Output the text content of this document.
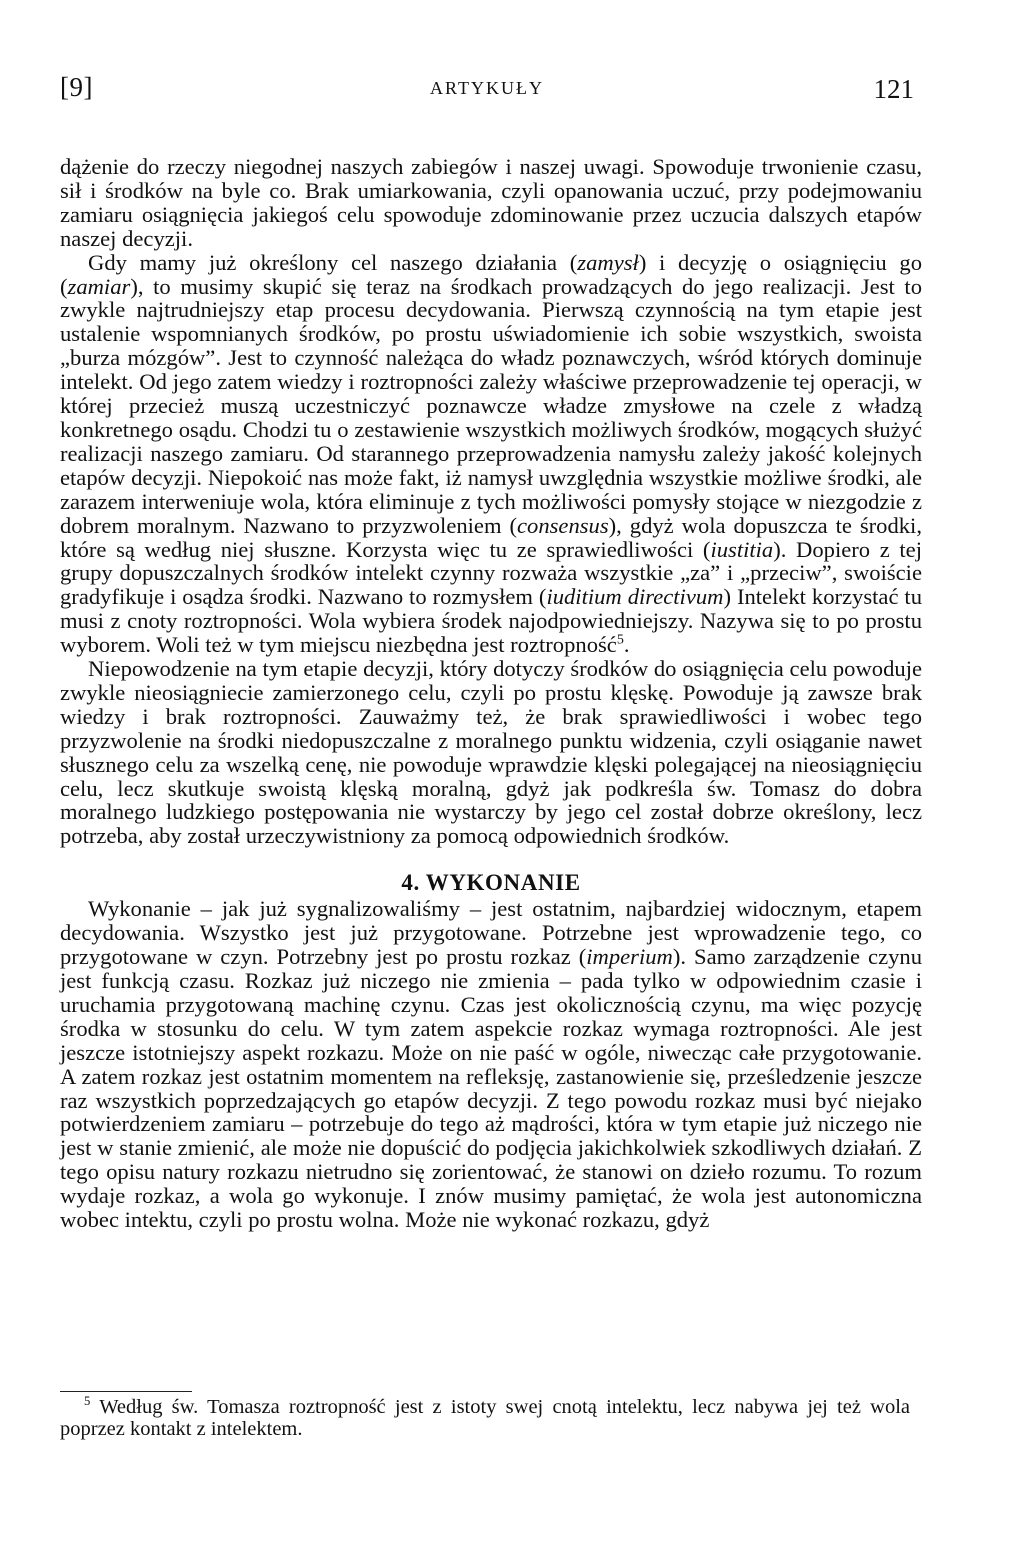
[9]	ARTYKUŁY	121

dążenie do rzeczy niegodnej naszych zabiegów i naszej uwagi. Spowoduje trwonienie czasu, sił i środków na byle co. Brak umiarkowania, czyli opanowania uczuć, przy podejmowaniu zamiaru osiągnięcia jakiegoś celu spowoduje zdominowanie przez uczucia dalszych etapów naszej decyzji.

Gdy mamy już określony cel naszego działania (zamysł) i decyzję o osiągnięciu go (zamiar), to musimy skupić się teraz na środkach prowadzących do jego realizacji. Jest to zwykle najtrudniejszy etap procesu decydowania. Pierwszą czynnością na tym etapie jest ustalenie wspomnianych środków, po prostu uświadomienie ich sobie wszystkich, swoista „burza mózgów”. Jest to czynność należąca do władz poznawczych, wśród których dominuje intelekt. Od jego zatem wiedzy i roztropności zależy właściwe przeprowadzenie tej operacji, w której przecież muszą uczestniczyć poznawcze władze zmysłowe na czele z władzą konkretnego osądu. Chodzi tu o zestawienie wszystkich możliwych środków, mogących służyć realizacji naszego zamiaru. Od starannego przeprowadzenia namysłu zależy jakość kolejnych etapów decyzji. Niepokoić nas może fakt, iż namysł uwzględnia wszystkie możliwe środki, ale zarazem interweniuje wola, która eliminuje z tych możliwości pomysły stojące w niezgodzie z dobrem moralnym. Nazwano to przyzwoleniem (consensus), gdyż wola dopuszcza te środki, które są według niej słuszne. Korzysta więc tu ze sprawiedliwości (iustitia). Dopiero z tej grupy dopuszczalnych środków intelekt czynny rozważa wszystkie „za” i „przeciw”, swoiście gradyfikuje i osądza środki. Nazwano to rozmysłem (iuditium directivum) Intelekt korzystać tu musi z cnoty roztropności. Wola wybiera środek najodpowiedniejszy. Nazywa się to po prostu wyborem. Woli też w tym miejscu niezbędna jest roztropność$^5$.

Niepowodzenie na tym etapie decyzji, który dotyczy środków do osiągnięcia celu powoduje zwykle nieosiągniecie zamierzonego celu, czyli po prostu klęskę. Powoduje ją zawsze brak wiedzy i brak roztropności. Zauważmy też, że brak sprawiedliwości i wobec tego przyzwolenie na środki niedopuszczalne z moralnego punktu widzenia, czyli osiąganie nawet słusznego celu za wszelką cenę, nie powoduje wprawdzie klęski polegającej na nieosiągnięciu celu, lecz skutkuje swoistą klęską moralną, gdyż jak podkreśla św. Tomasz do dobra moralnego ludzkiego postępowania nie wystarczy by jego cel został dobrze określony, lecz potrzeba, aby został urzeczywistniony za pomocą odpowiednich środków.

4. WYKONANIE

Wykonanie – jak już sygnalizowaliśmy – jest ostatnim, najbardziej widocznym, etapem decydowania. Wszystko jest już przygotowane. Potrzebne jest wprowadzenie tego, co przygotowane w czyn. Potrzebny jest po prostu rozkaz (imperium). Samo zarządzenie czynu jest funkcją czasu. Rozkaz już niczego nie zmienia – pada tylko w odpowiednim czasie i uruchamia przygotowaną machinę czynu. Czas jest okolicznością czynu, ma więc pozycję środka w stosunku do celu. W tym zatem aspekcie rozkaz wymaga roztropności. Ale jest jeszcze istotniejszy aspekt rozkazu. Może on nie paść w ogóle, niwecząc całe przygotowanie. A zatem rozkaz jest ostatnim momentem na refleksję, zastanowienie się, prześledzenie jeszcze raz wszystkich poprzedzających go etapów decyzji. Z tego powodu rozkaz musi być niejako potwierdzeniem zamiaru – potrzebuje do tego aż mądrości, która w tym etapie już niczego nie jest w stanie zmienić, ale może nie dopuścić do podjęcia jakichkolwiek szkodliwych działań. Z tego opisu natury rozkazu nietrudno się zorientować, że stanowi on dzieło rozumu. To rozum wydaje rozkaz, a wola go wykonuje. I znów musimy pamiętać, że wola jest autonomiczna wobec intektu, czyli po prostu wolna. Może nie wykonać rozkazu, gdyż

$^5$ Według św. Tomasza roztropność jest z istoty swej cnotą intelektu, lecz nabywa jej też wola poprzez kontakt z intelektem.
